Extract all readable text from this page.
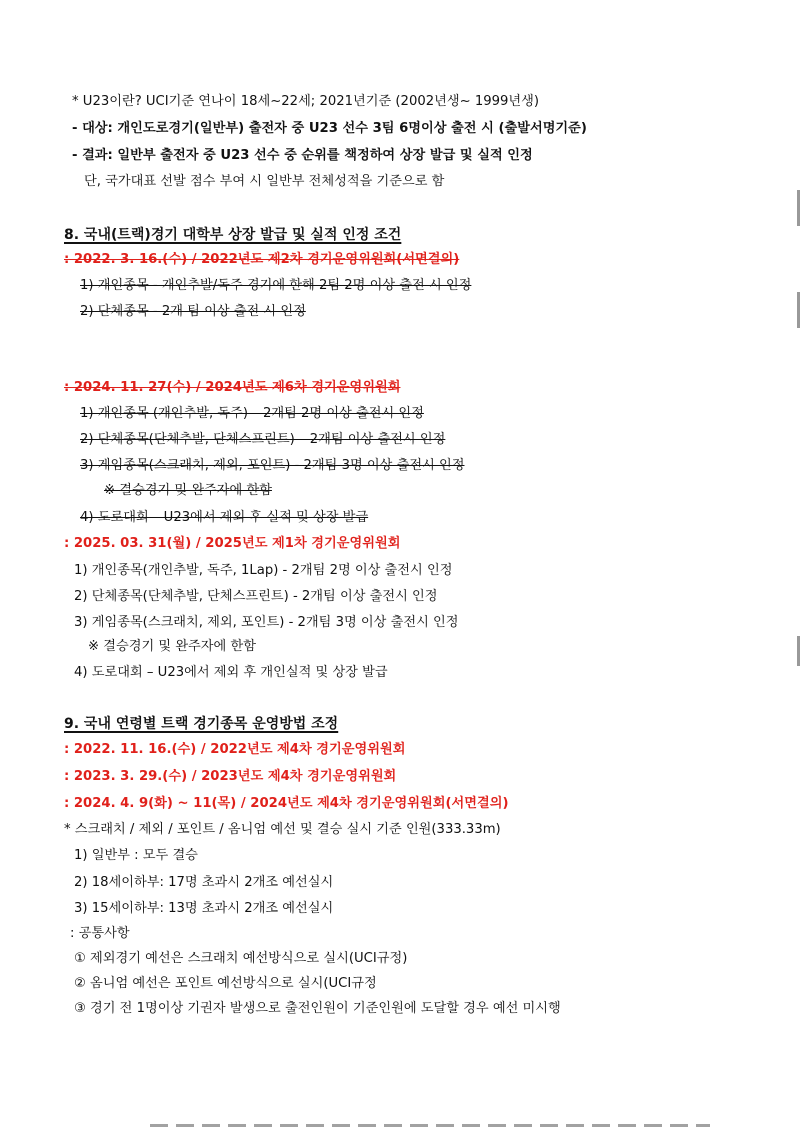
* U23이란? UCI기준 연나이 18세~22세; 2021년기준 (2002년생~ 1999년생)
- 대상: 개인도로경기(일반부) 출전자 중 U23 선수 3팀 6명이상 출전 시 (출발서명기준)
- 결과: 일반부 출전자 중 U23 선수 중 순위를 책정하여 상장 발급 및 실적 인정
단, 국가대표 선발 점수 부여 시 일반부 전체성적을 기준으로 함
8. 국내(트랙)경기 대학부 상장 발급 및 실적 인정 조건
: 2022. 3. 16.(수) / 2022년도 제2차 경기운영위원회(서면결의)
1) 개인종목 - 개인추발/독주 경기에 한해 2팀 2명 이상 출전 시 인정
2) 단체종목 - 2개 팀 이상 출전 시 인정
: 2024. 11. 27(수) / 2024년도 제6차 경기운영위원회
1) 개인종목 (개인추발, 독주) – 2개팀 2명 이상 출전시 인정
2) 단체종목(단체추발, 단체스프린트) – 2개팀 이상 출전시 인정
3) 게임종목(스크래치, 제외, 포인트) - 2개팀 3명 이상 출전시 인정
※ 결승경기 및 완주자에 한함
4) 도로대회 – U23에서 제외 후 실적 및 상장 발급
: 2025. 03. 31(월) / 2025년도 제1차 경기운영위원회
1) 개인종목(개인추발, 독주, 1Lap) - 2개팀 2명 이상 출전시 인정
2) 단체종목(단체추발, 단체스프린트) - 2개팀 이상 출전시 인정
3) 게임종목(스크래치, 제외, 포인트) - 2개팀 3명 이상 출전시 인정
※ 결승경기 및 완주자에 한함
4) 도로대회 – U23에서 제외 후 개인실적 및 상장 발급
9. 국내 연령별 트랙 경기종목 운영방법 조정
: 2022. 11. 16.(수) / 2022년도 제4차 경기운영위원회
: 2023. 3. 29.(수) / 2023년도 제4차 경기운영위원회
: 2024. 4. 9(화) ~ 11(목) / 2024년도 제4차 경기운영위원회(서면결의)
* 스크래치 / 제외 / 포인트 / 옴니엄 예선 및 결승 실시 기준 인원(333.33m)
1) 일반부 : 모두 결승
2) 18세이하부: 17명 초과시 2개조 예선실시
3) 15세이하부: 13명 초과시 2개조 예선실시
: 공통사항
① 제외경기 예선은 스크래치 예선방식으로 실시(UCI규정)
② 옴니엄 예선은 포인트 예선방식으로 실시(UCI규정
③ 경기 전 1명이상 기권자 발생으로 출전인원이 기준인원에 도달할 경우 예선 미시행
